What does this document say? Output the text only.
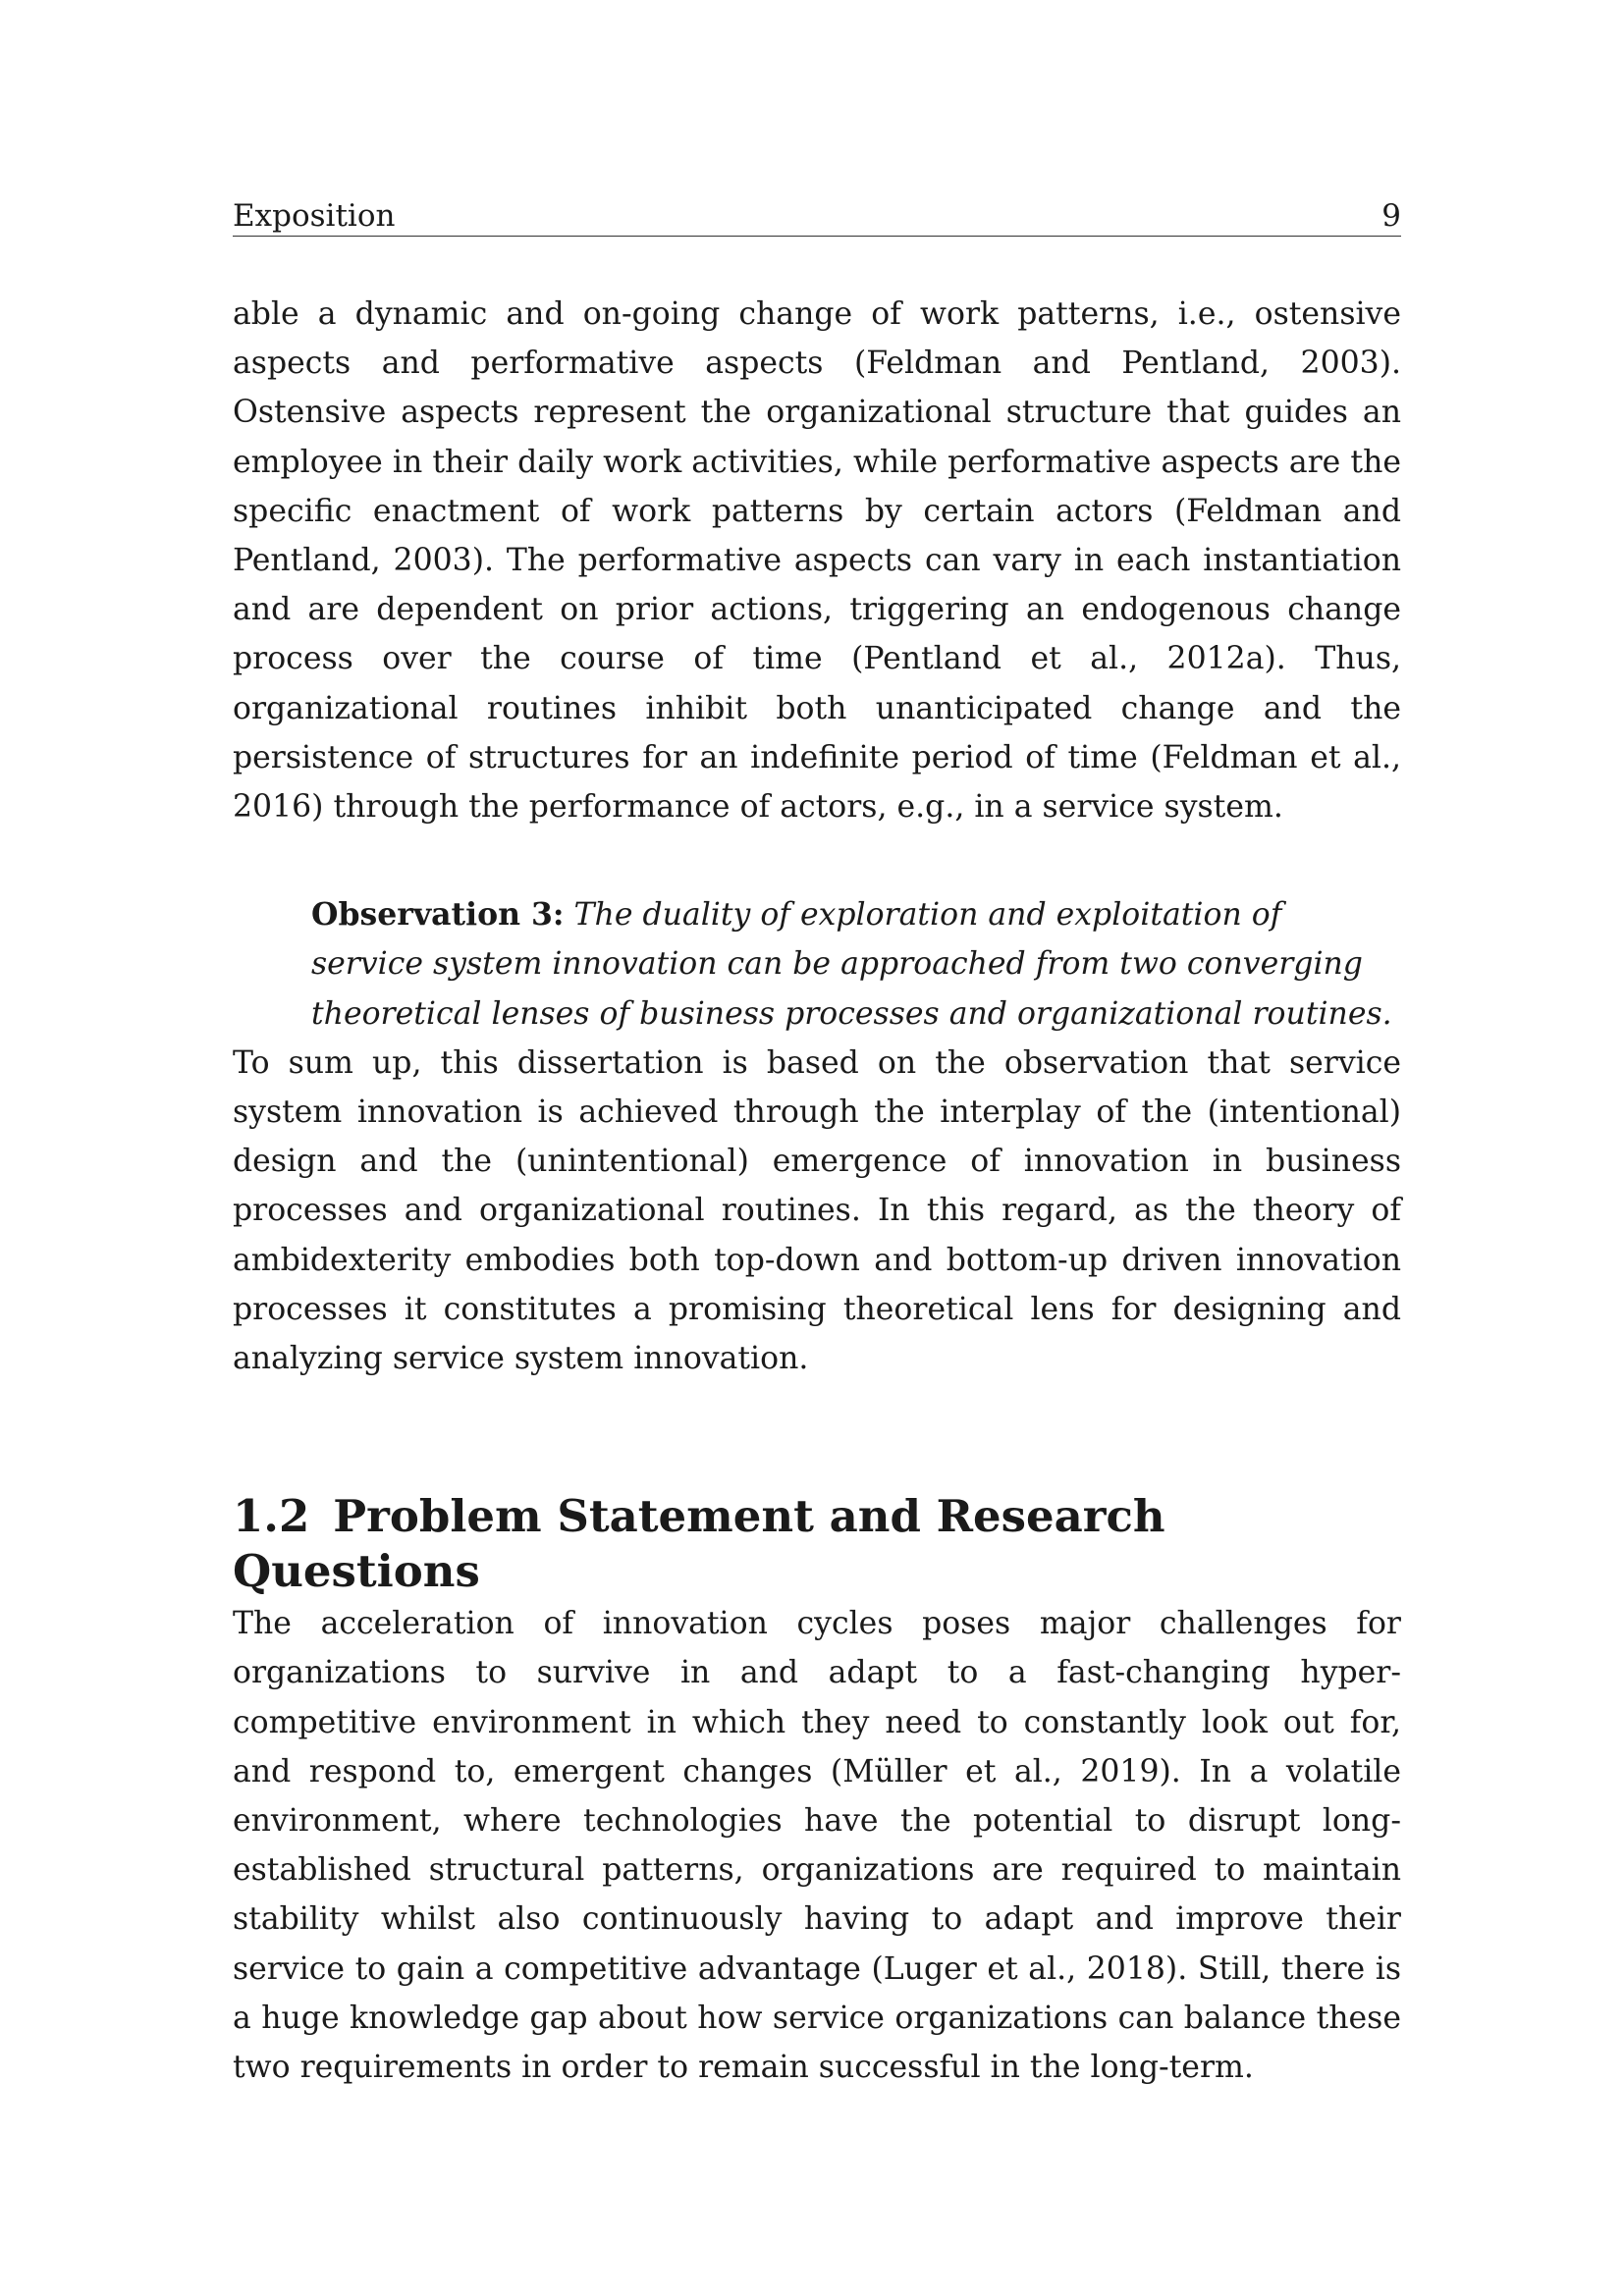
Exposition	9

able a dynamic and on-going change of work patterns, i.e., ostensive aspects and performative aspects (Feldman and Pentland, 2003). Ostensive aspects represent the organizational structure that guides an employee in their daily work activities, while performative aspects are the specific enactment of work patterns by certain actors (Feldman and Pentland, 2003). The performative aspects can vary in each instantiation and are dependent on prior actions, triggering an endogenous change process over the course of time (Pentland et al., 2012a). Thus, organizational routines inhibit both unanticipated change and the persistence of structures for an indefinite period of time (Feldman et al., 2016) through the performance of actors, e.g., in a service system.

Observation 3: The duality of exploration and exploitation of service system innovation can be approached from two converging theoretical lenses of business processes and organizational routines.

To sum up, this dissertation is based on the observation that service system innovation is achieved through the interplay of the (intentional) design and the (unintentional) emergence of innovation in business processes and organizational routines. In this regard, as the theory of ambidexterity embodies both top-down and bottom-up driven innovation processes it constitutes a promising theoretical lens for designing and analyzing service system innovation.

1.2 Problem Statement and Research Questions

The acceleration of innovation cycles poses major challenges for organizations to survive in and adapt to a fast-changing hyper-competitive environment in which they need to constantly look out for, and respond to, emergent changes (Müller et al., 2019). In a volatile environment, where technologies have the potential to disrupt long-established structural patterns, organizations are required to maintain stability whilst also continuously having to adapt and improve their service to gain a competitive advantage (Luger et al., 2018). Still, there is a huge knowledge gap about how service organizations can balance these two requirements in order to remain successful in the long-term.
